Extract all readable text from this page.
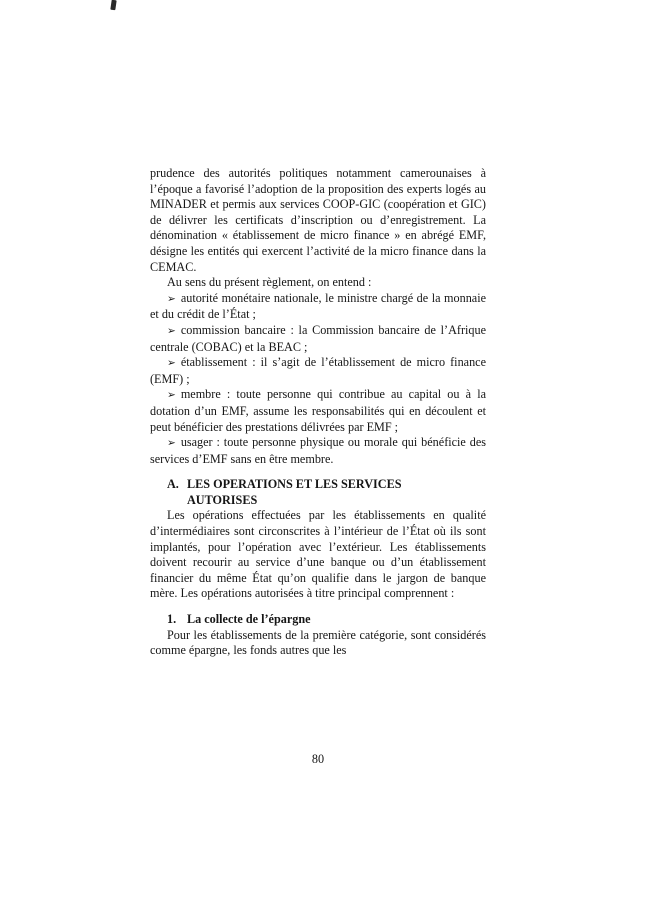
prudence des autorités politiques notamment camerounaises à l’époque a favorisé l’adoption de la proposition des experts logés au MINADER et permis aux services COOP-GIC (coopération et GIC) de délivrer les certificats d’inscription ou d’enregistrement. La dénomination « établissement de micro finance » en abrégé EMF, désigne les entités qui exercent l’activité de la micro finance dans la CEMAC.

Au sens du présent règlement, on entend :

➢ autorité monétaire nationale, le ministre chargé de la monnaie et du crédit de l’État ;

➢ commission bancaire : la Commission bancaire de l’Afrique centrale (COBAC) et la BEAC ;

➢ établissement : il s’agit de l’établissement de micro finance (EMF) ;

➢ membre : toute personne qui contribue au capital ou à la dotation d’un EMF, assume les responsabilités qui en découlent et peut bénéficier des prestations délivrées par EMF ;

➢ usager : toute personne physique ou morale qui bénéficie des services d’EMF sans en être membre.

A. LES OPERATIONS ET LES SERVICES AUTORISES

Les opérations effectuées par les établissements en qualité d’intermédiaires sont circonscrites à l’intérieur de l’État où ils sont implantés, pour l’opération avec l’extérieur. Les établissements doivent recourir au service d’une banque ou d’un établissement financier du même État qu’on qualifie dans le jargon de banque mère. Les opérations autorisées à titre principal comprennent :

1. La collecte de l’épargne

Pour les établissements de la première catégorie, sont considérés comme épargne, les fonds autres que les

80
